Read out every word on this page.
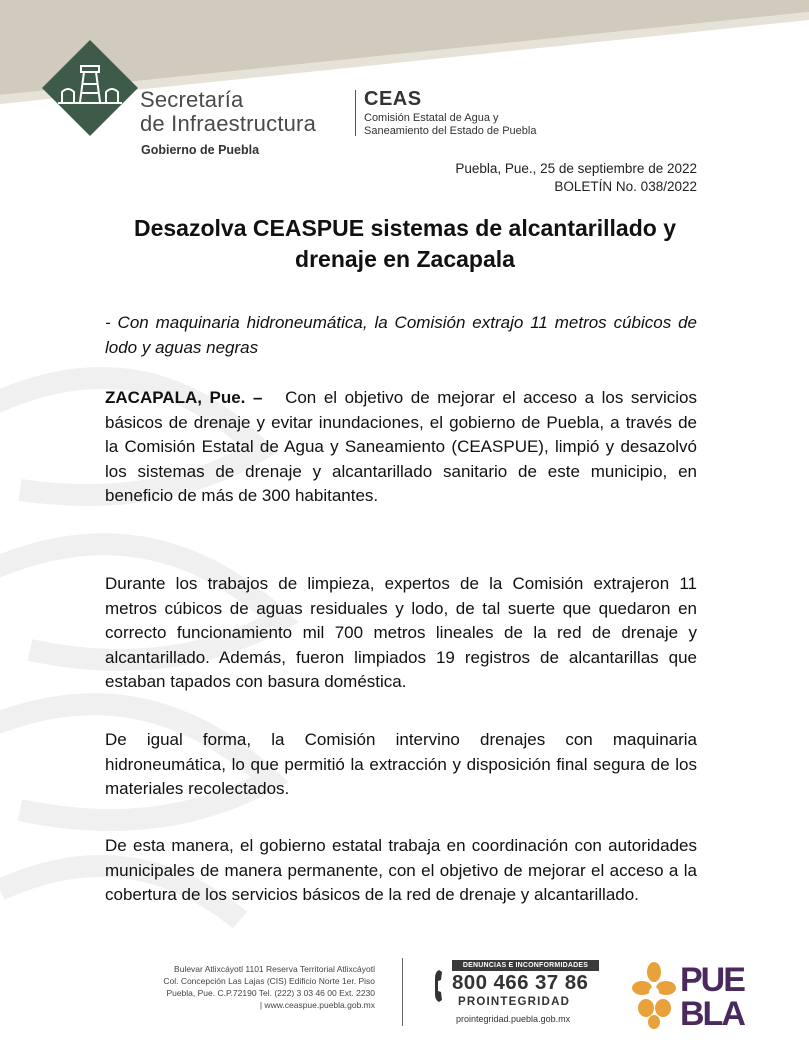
Secretaría
de Infraestructura
Gobierno de Puebla
CEAS
Comisión Estatal de Agua y
Saneamiento del Estado de Puebla
Puebla, Pue., 25 de septiembre de 2022
BOLETÍN No. 038/2022
Desazolva CEASPUE sistemas de alcantarillado y drenaje en Zacapala
- Con maquinaria hidroneumática, la Comisión extrajo 11 metros cúbicos de lodo y aguas negras

ZACAPALA, Pue. – Con el objetivo de mejorar el acceso a los servicios básicos de drenaje y evitar inundaciones, el gobierno de Puebla, a través de la Comisión Estatal de Agua y Saneamiento (CEASPUE), limpió y desazolvó los sistemas de drenaje y alcantarillado sanitario de este municipio, en beneficio de más de 300 habitantes.

Durante los trabajos de limpieza, expertos de la Comisión extrajeron 11 metros cúbicos de aguas residuales y lodo, de tal suerte que quedaron en correcto funcionamiento mil 700 metros lineales de la red de drenaje y alcantarillado. Además, fueron limpiados 19 registros de alcantarillas que estaban tapados con basura doméstica.

De igual forma, la Comisión intervino drenajes con maquinaria hidroneumática, lo que permitió la extracción y disposición final segura de los materiales recolectados.

De esta manera, el gobierno estatal trabaja en coordinación con autoridades municipales de manera permanente, con el objetivo de mejorar el acceso a la cobertura de los servicios básicos de la red de drenaje y alcantarillado.

Bulevar Atlixcáyotl 1101 Reserva Territorial Atlixcáyotl
Col. Concepción Las Lajas (CIS) Edificio Norte 1er. Piso
Puebla, Pue. C.P.72190 Tel. (222) 3 03 46 00 Ext. 2230
| www.ceaspue.puebla.gob.mx
DENUNCIAS E INCONFORMIDADES
800 466 37 86
PROINTEGRIDAD
prointegridad.puebla.gob.mx
PUE
BLA
